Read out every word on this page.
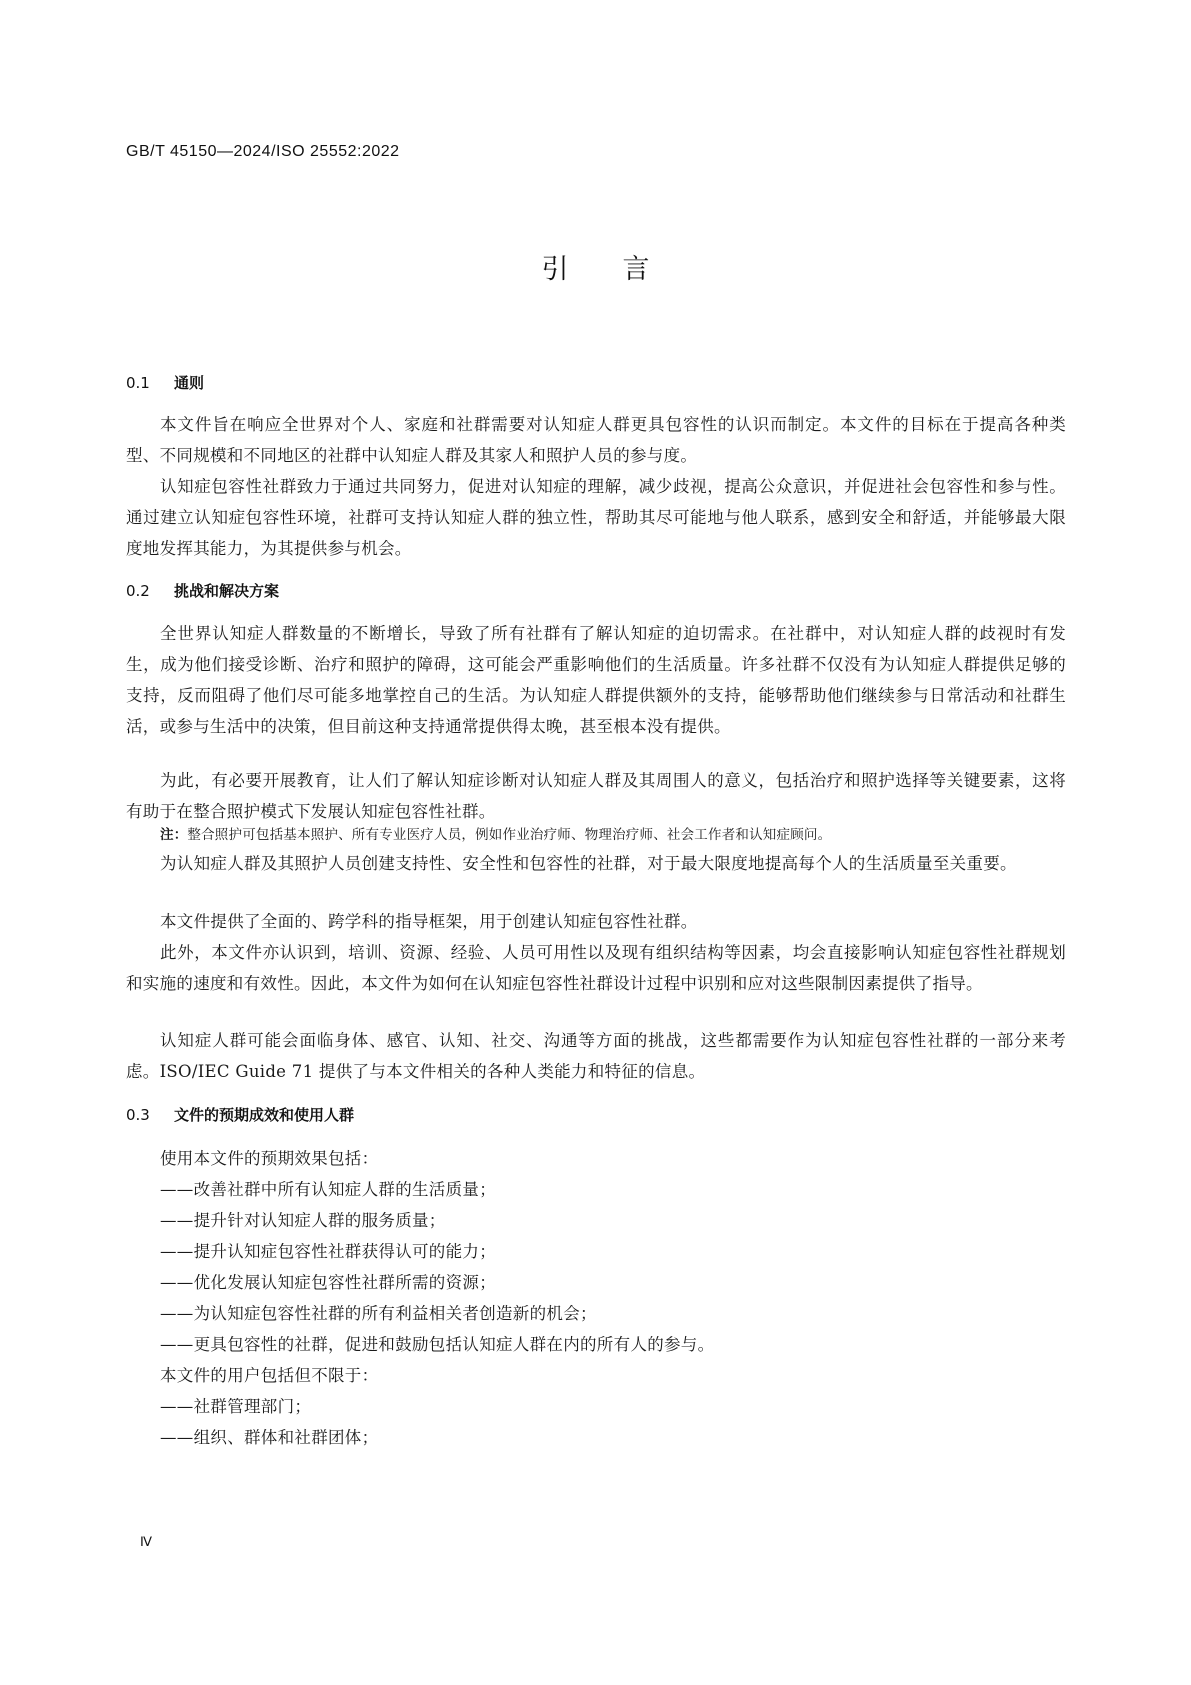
GB/T 45150—2024/ISO 25552:2022
引　　言
0.1 通则
本文件旨在响应全世界对个人、家庭和社群需要对认知症人群更具包容性的认识而制定。本文件的目标在于提高各种类型、不同规模和不同地区的社群中认知症人群及其家人和照护人员的参与度。
认知症包容性社群致力于通过共同努力，促进对认知症的理解，减少歧视，提高公众意识，并促进社会包容性和参与性。通过建立认知症包容性环境，社群可支持认知症人群的独立性，帮助其尽可能地与他人联系，感到安全和舒适，并能够最大限度地发挥其能力，为其提供参与机会。
0.2 挑战和解决方案
全世界认知症人群数量的不断增长，导致了所有社群有了解认知症的迫切需求。在社群中，对认知症人群的歧视时有发生，成为他们接受诊断、治疗和照护的障碍，这可能会严重影响他们的生活质量。许多社群不仅没有为认知症人群提供足够的支持，反而阻碍了他们尽可能多地掌控自己的生活。为认知症人群提供额外的支持，能够帮助他们继续参与日常活动和社群生活，或参与生活中的决策，但目前这种支持通常提供得太晚，甚至根本没有提供。
为此，有必要开展教育，让人们了解认知症诊断对认知症人群及其周围人的意义，包括治疗和照护选择等关键要素，这将有助于在整合照护模式下发展认知症包容性社群。
注：整合照护可包括基本照护、所有专业医疗人员，例如作业治疗师、物理治疗师、社会工作者和认知症顾问。
为认知症人群及其照护人员创建支持性、安全性和包容性的社群，对于最大限度地提高每个人的生活质量至关重要。
本文件提供了全面的、跨学科的指导框架，用于创建认知症包容性社群。
此外，本文件亦认识到，培训、资源、经验、人员可用性以及现有组织结构等因素，均会直接影响认知症包容性社群规划和实施的速度和有效性。因此，本文件为如何在认知症包容性社群设计过程中识别和应对这些限制因素提供了指导。
认知症人群可能会面临身体、感官、认知、社交、沟通等方面的挑战，这些都需要作为认知症包容性社群的一部分来考虑。ISO/IEC Guide 71 提供了与本文件相关的各种人类能力和特征的信息。
0.3 文件的预期成效和使用人群
使用本文件的预期效果包括：
——改善社群中所有认知症人群的生活质量；
——提升针对认知症人群的服务质量；
——提升认知症包容性社群获得认可的能力；
——优化发展认知症包容性社群所需的资源；
——为认知症包容性社群的所有利益相关者创造新的机会；
——更具包容性的社群，促进和鼓励包括认知症人群在内的所有人的参与。
本文件的用户包括但不限于：
——社群管理部门；
——组织、群体和社群团体；
Ⅳ
